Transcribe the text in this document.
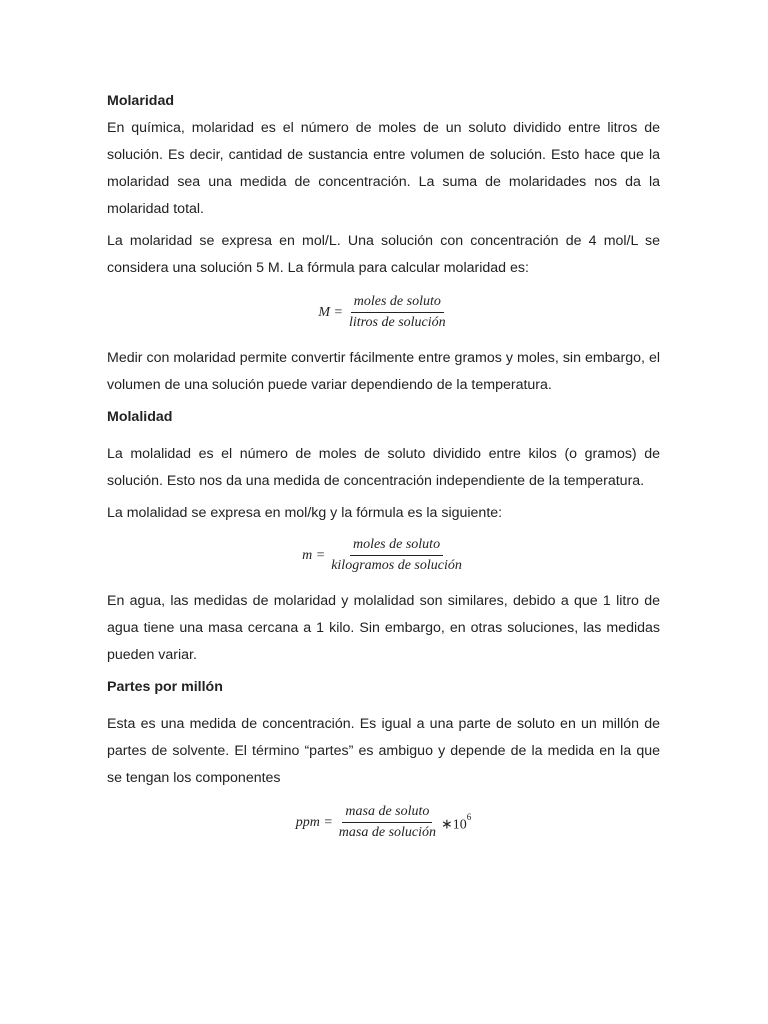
Molaridad

En química, molaridad es el número de moles de un soluto dividido entre litros de solución. Es decir, cantidad de sustancia entre volumen de solución. Esto hace que la molaridad sea una medida de concentración. La suma de molaridades nos da la molaridad total.

La molaridad se expresa en mol/L. Una solución con concentración de 4 mol/L se considera una solución 5 M. La fórmula para calcular molaridad es:

$M = \frac{\text{moles de soluto}}{\text{litros de solución}}$

Medir con molaridad permite convertir fácilmente entre gramos y moles, sin embargo, el volumen de una solución puede variar dependiendo de la temperatura.

Molalidad

La molalidad es el número de moles de soluto dividido entre kilos (o gramos) de solución. Esto nos da una medida de concentración independiente de la temperatura.

La molalidad se expresa en mol/kg y la fórmula es la siguiente:

$m = \frac{\text{moles de soluto}}{\text{kilogramos de solución}}$

En agua, las medidas de molaridad y molalidad son similares, debido a que 1 litro de agua tiene una masa cercana a 1 kilo. Sin embargo, en otras soluciones, las medidas pueden variar.

Partes por millón

Esta es una medida de concentración. Es igual a una parte de soluto en un millón de partes de solvente. El término “partes” es ambiguo y depende de la medida en la que se tengan los componentes

ppm = $\frac{\text{masa de soluto}}{\text{masa de solución}}$ $∗10^6$
